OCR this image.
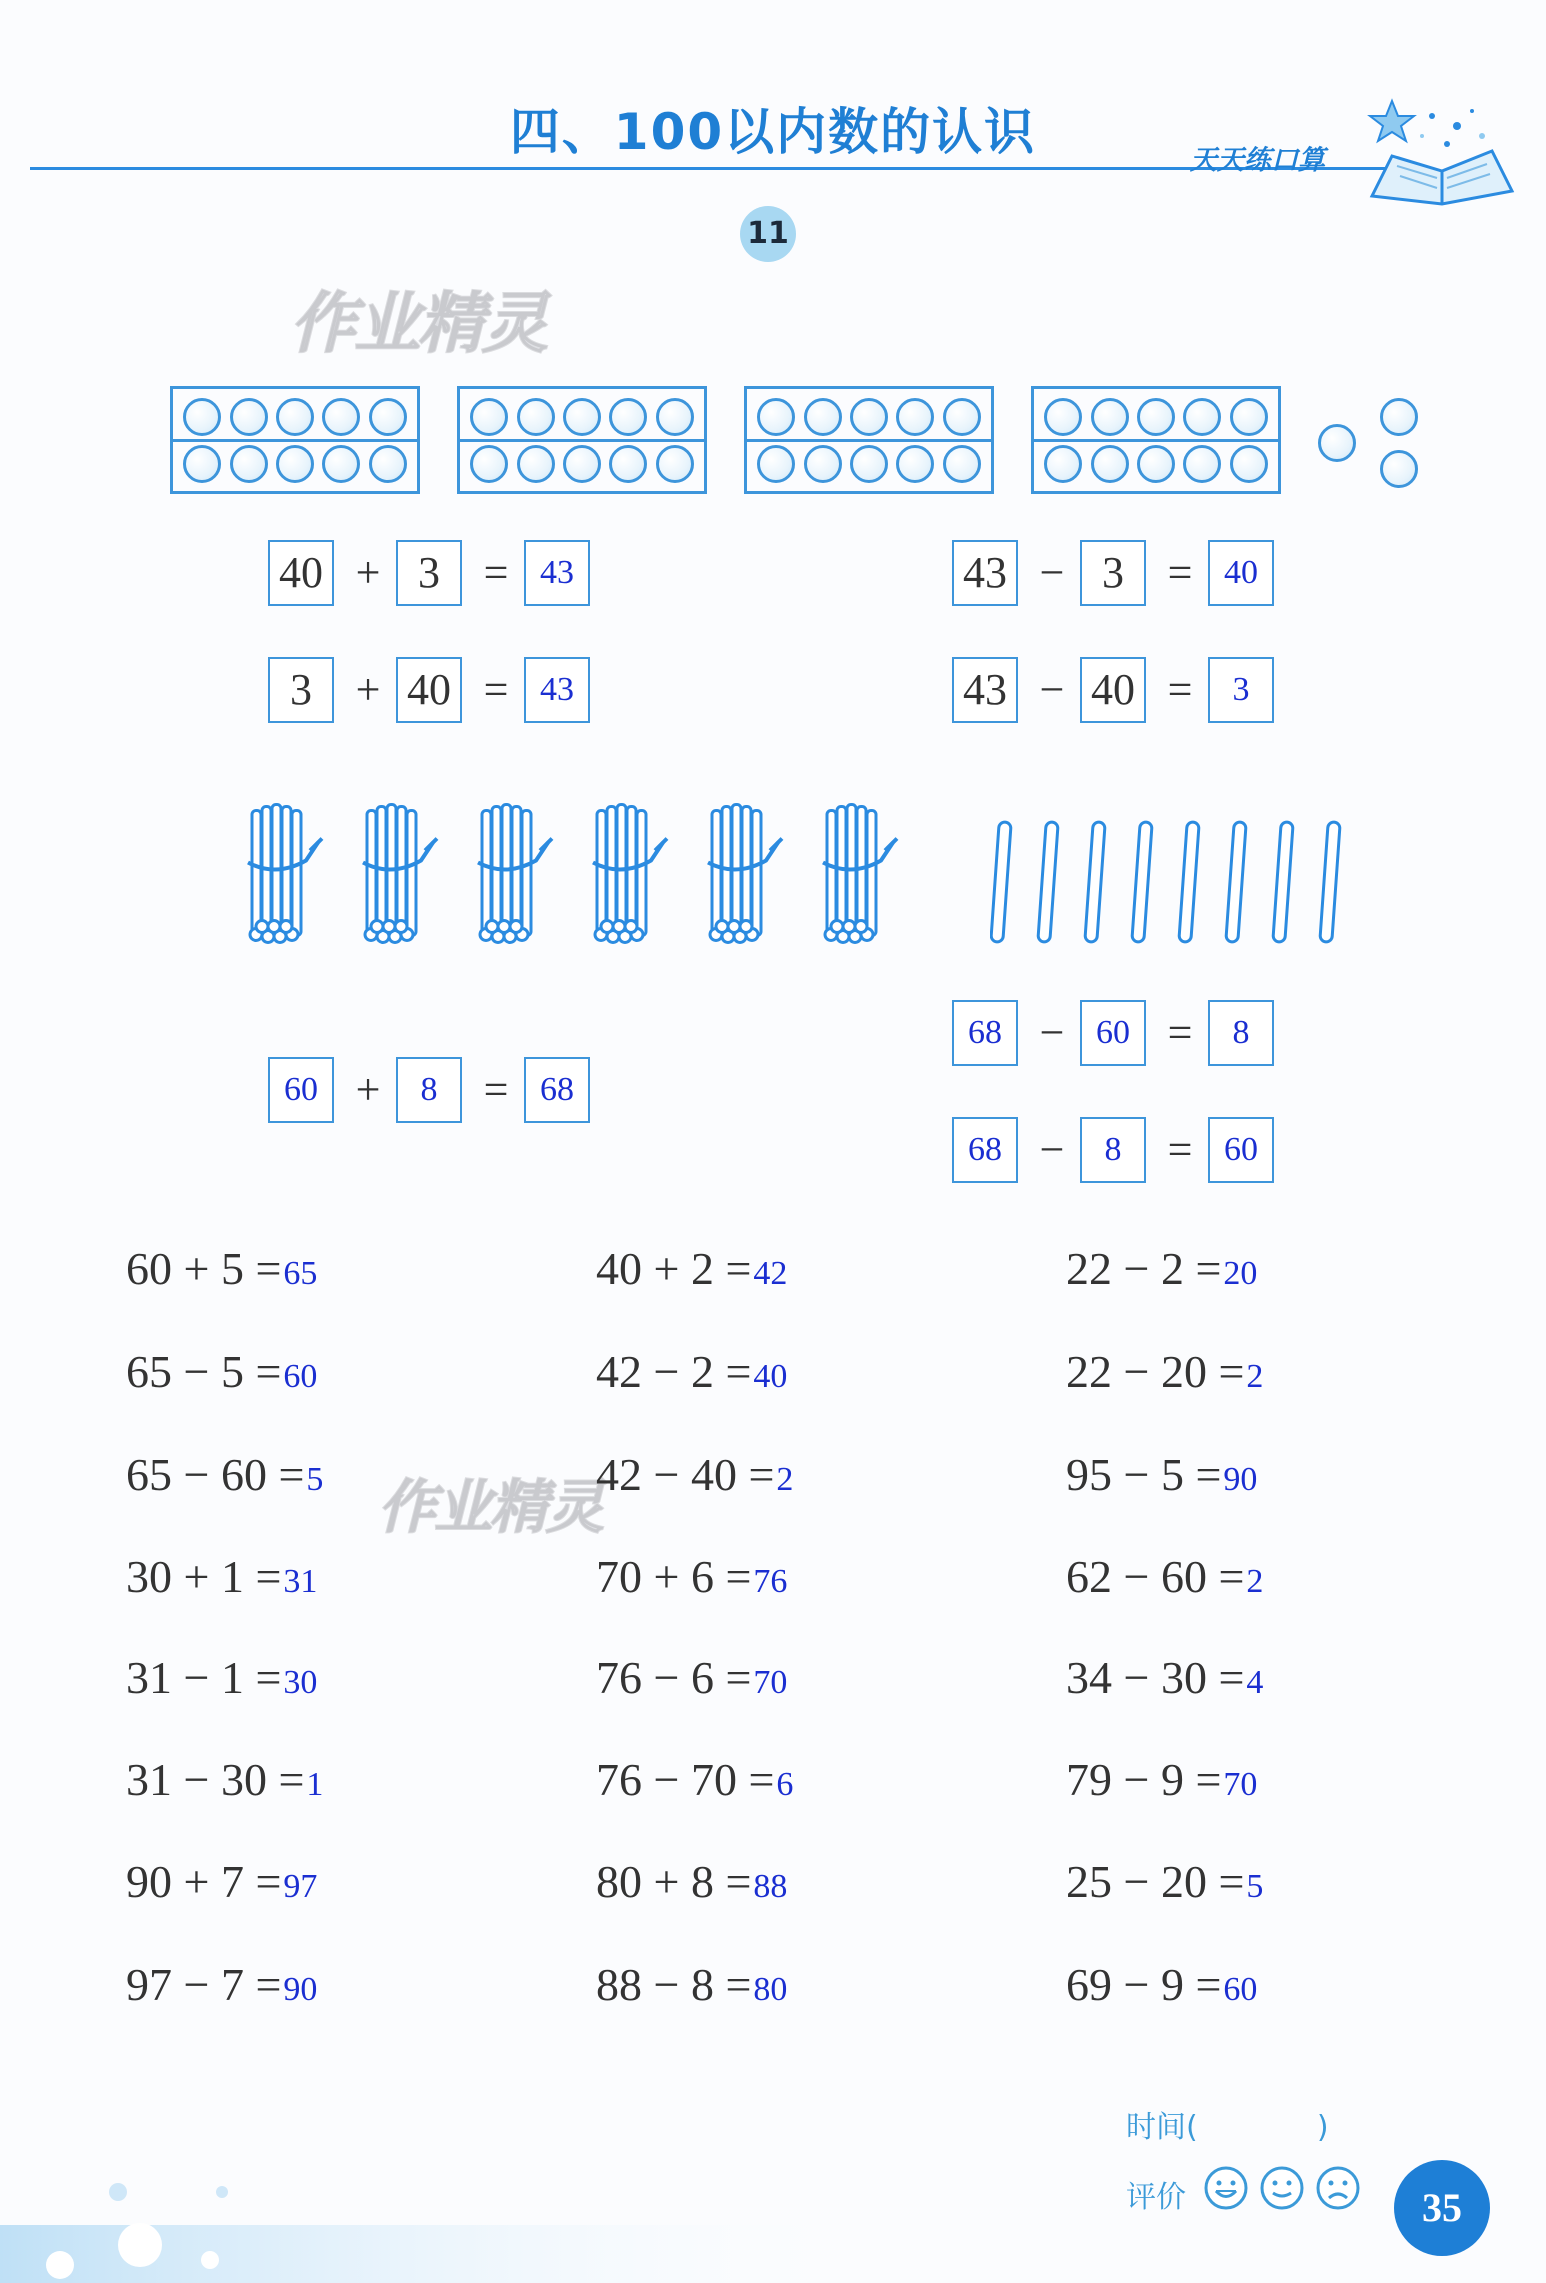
四、100以内数的认识	天天练口算
11
作业精灵
作业精灵
40 + 3 = 43
3 + 40 = 43
43 − 3 = 40
43 − 40 =	3
60 +	8	= 68
68 − 60 =	8
68 −	8	= 60
60 + 5 =65
65 − 5 =60
65 − 60 =5
30 + 1 =31
31 − 1 =30
31 − 30 =1
90 + 7 =97
97 − 7 =90
40 + 2 =42
42 − 2 =40
42 − 40 =2
70 + 6 =76
76 − 6 =70
76 − 70 =6
80 + 8 =88
88 − 8 =80
22 − 2 =20
22 − 20 =2
95 − 5 =90
62 − 60 =2
34 − 30 =4
79 − 9 =70
25 − 20 =5
69 − 9 =60
时间(	)
评价	35
